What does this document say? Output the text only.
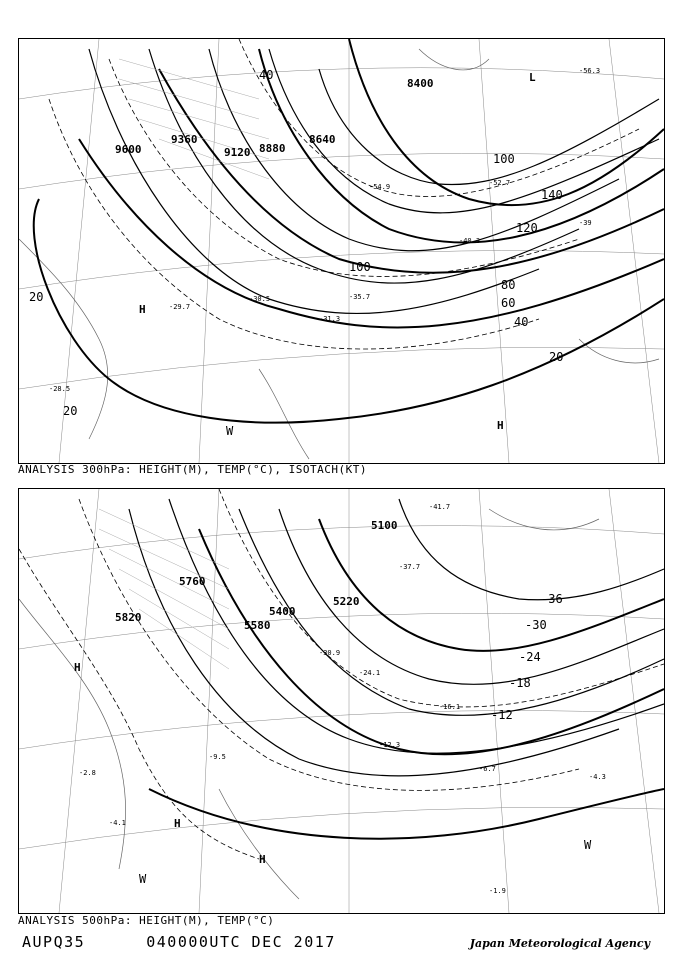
9600
9360
9120 8880
8640
8400
20
40
60
80
100
120
140
100
40
20
20
H
L
H
W
-28.5
-29.7
-30.5
-31.3
-35.7
-52.7
-54.9
-56.3
-40.3
-39
ANALYSIS 300hPa: HEIGHT(M), TEMP(°C), ISOTACH(KT)
5820
5760
5580
5400
5220
5100
-36
-30
-24
-18
-12
H
H
H
W
W
-2.8
-4.1
-9.5
-12.3
-16.1
-24.1
-30.9
-37.7
-41.7
-6.7
-4.3
-1.9
ANALYSIS 500hPa: HEIGHT(M), TEMP(°C)
AUPQ35	040000UTC DEC 2017	Japan Meteorological Agency
